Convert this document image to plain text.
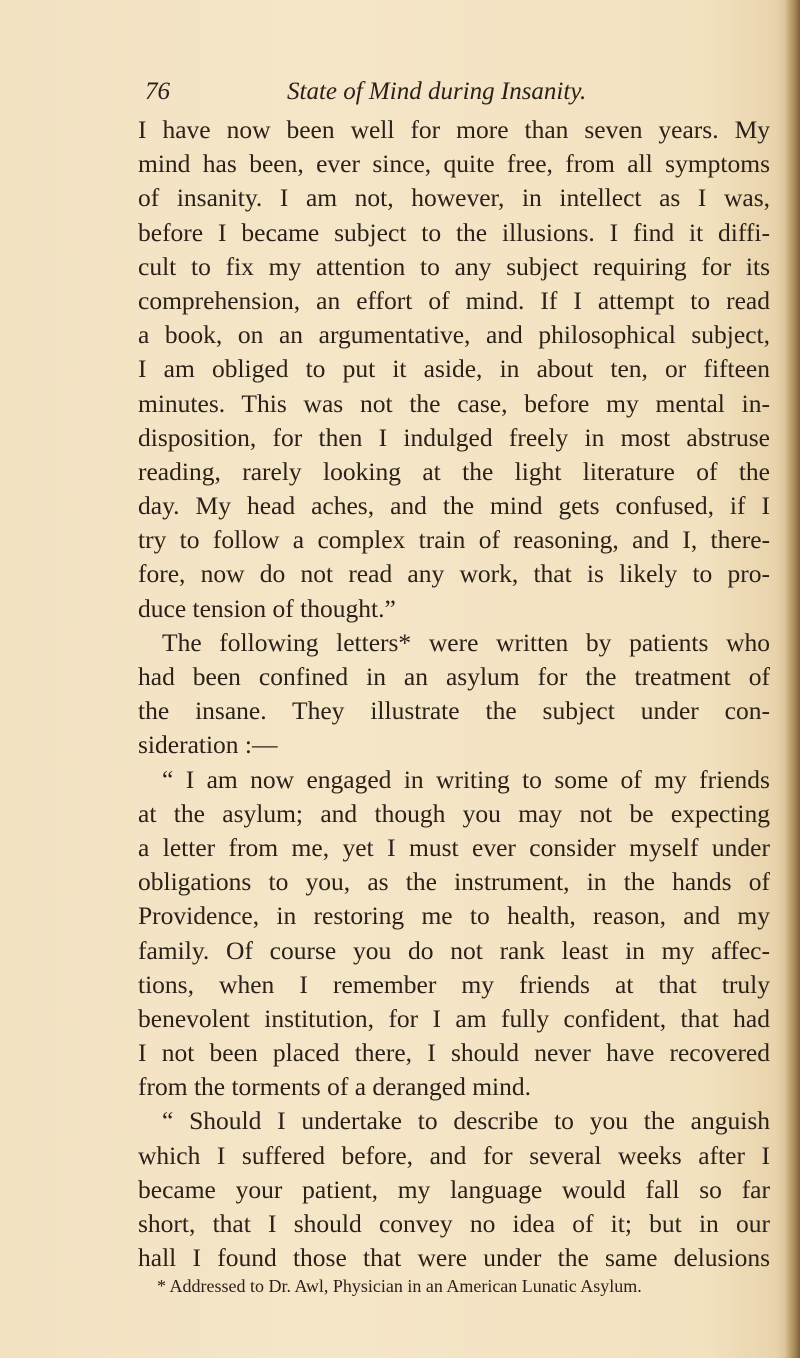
76	State of Mind during Insanity.
I have now been well for more than seven years. My
mind has been, ever since, quite free, from all symptoms
of insanity. I am not, however, in intellect as I was,
before I became subject to the illusions. I find it diffi-
cult to fix my attention to any subject requiring for its
comprehension, an effort of mind. If I attempt to read
a book, on an argumentative, and philosophical subject,
I am obliged to put it aside, in about ten, or fifteen
minutes. This was not the case, before my mental in-
disposition, for then I indulged freely in most abstruse
reading, rarely looking at the light literature of the
day. My head aches, and the mind gets confused, if I
try to follow a complex train of reasoning, and I, there-
fore, now do not read any work, that is likely to pro-
duce tension of thought.”
The following letters* were written by patients who
had been confined in an asylum for the treatment of
the insane. They illustrate the subject under con-
sideration :—
“ I am now engaged in writing to some of my friends
at the asylum; and though you may not be expecting
a letter from me, yet I must ever consider myself under
obligations to you, as the instrument, in the hands of
Providence, in restoring me to health, reason, and my
family. Of course you do not rank least in my affec-
tions, when I remember my friends at that truly
benevolent institution, for I am fully confident, that had
I not been placed there, I should never have recovered
from the torments of a deranged mind.
“ Should I undertake to describe to you the anguish
which I suffered before, and for several weeks after I
became your patient, my language would fall so far
short, that I should convey no idea of it; but in our
hall I found those that were under the same delusions
* Addressed to Dr. Awl, Physician in an American Lunatic Asylum.
